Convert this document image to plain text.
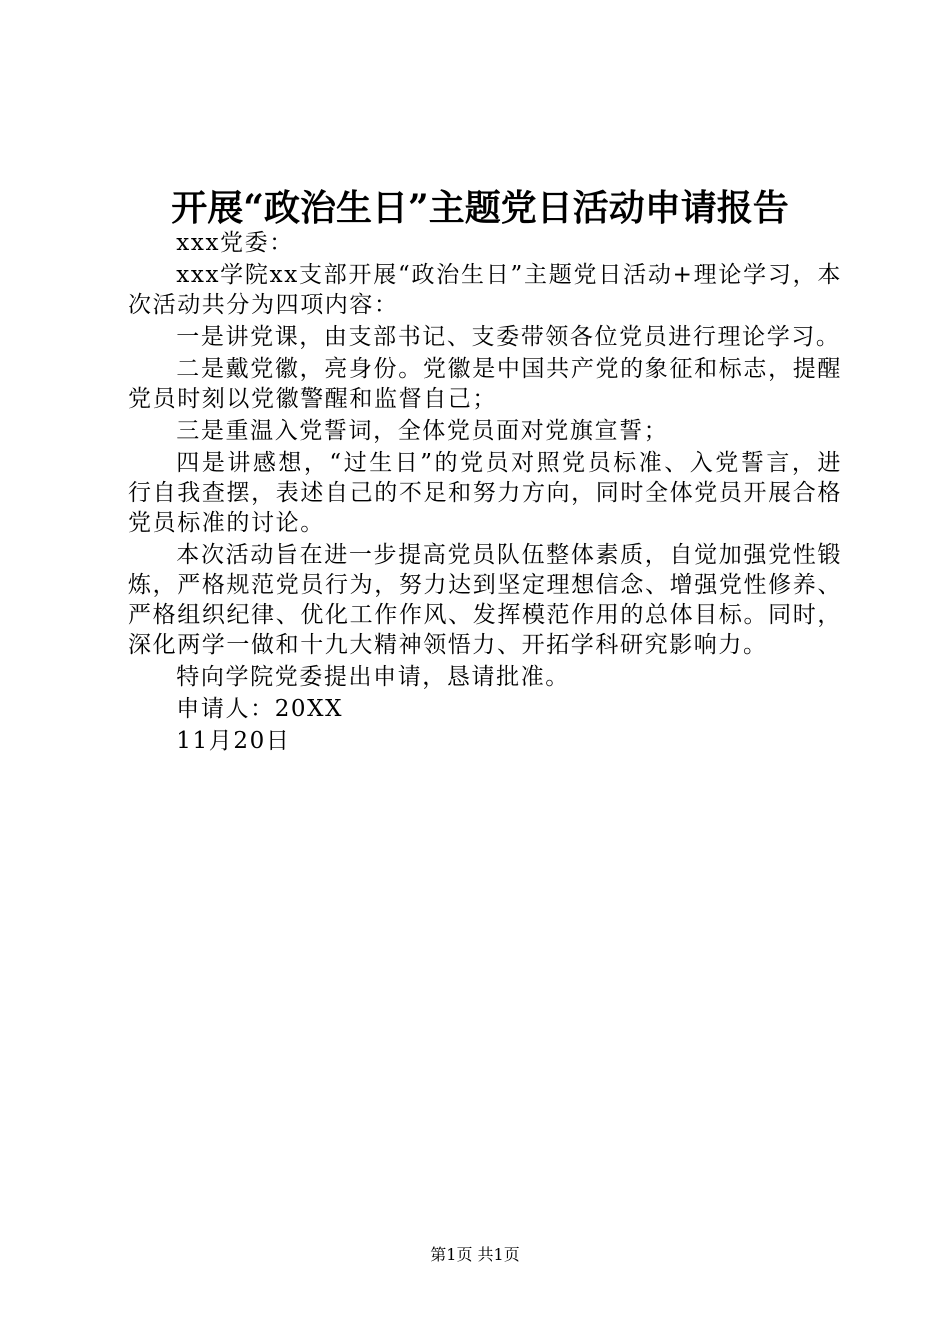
开展“政治生日”主题党日活动申请报告

xxx党委：

xxx学院xx支部开展“政治生日”主题党日活动+理论学习，本次活动共分为四项内容：

一是讲党课，由支部书记、支委带领各位党员进行理论学习。

二是戴党徽，亮身份。党徽是中国共产党的象征和标志，提醒党员时刻以党徽警醒和监督自己；

三是重温入党誓词，全体党员面对党旗宣誓；

四是讲感想，“过生日”的党员对照党员标准、入党誓言，进行自我查摆，表述自己的不足和努力方向，同时全体党员开展合格党员标准的讨论。

本次活动旨在进一步提高党员队伍整体素质，自觉加强党性锻炼，严格规范党员行为，努力达到坚定理想信念、增强党性修养、严格组织纪律、优化工作作风、发挥模范作用的总体目标。同时，深化两学一做和十九大精神领悟力、开拓学科研究影响力。

特向学院党委提出申请，恳请批准。

申请人：20XX

11月20日

第1页 共1页
